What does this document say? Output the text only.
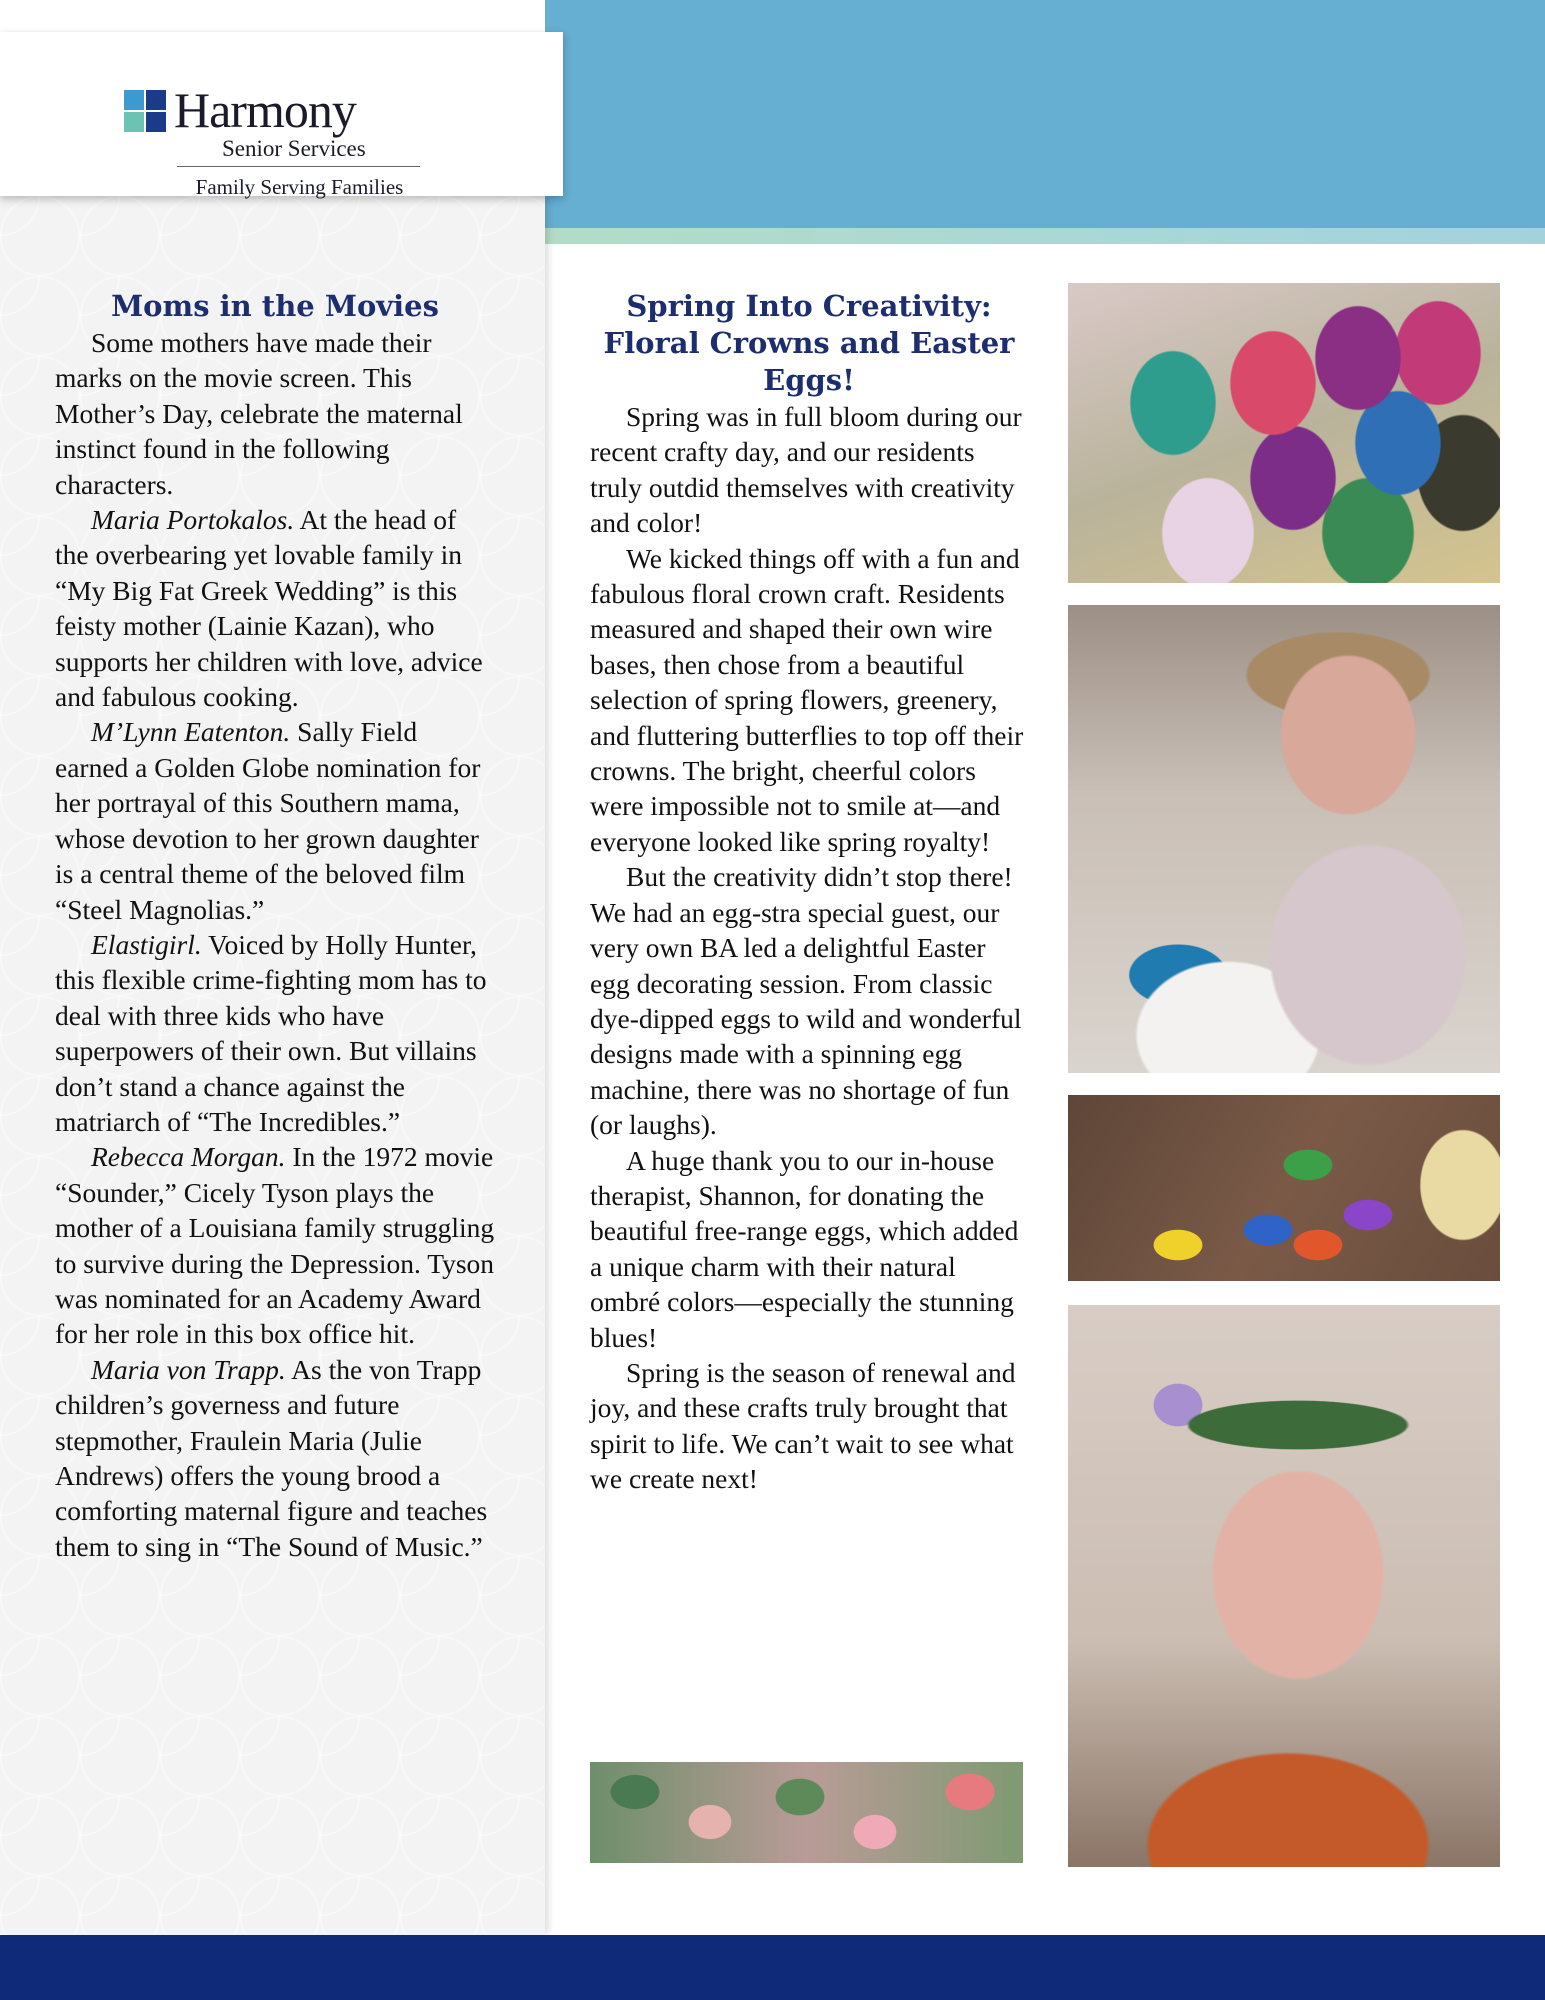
Harmony
Senior Services
Family Serving Families
Moms in the Movies

Some mothers have made their marks on the movie screen. This Mother’s Day, celebrate the maternal instinct found in the following characters.

Maria Portokalos. At the head of the overbearing yet lovable family in “My Big Fat Greek Wedding” is this feisty mother (Lainie Kazan), who supports her children with love, advice and fabulous cooking.

M’Lynn Eatenton. Sally Field earned a Golden Globe nomination for her portrayal of this Southern mama, whose devotion to her grown daughter is a central theme of the beloved film “Steel Magnolias.”

Elastigirl. Voiced by Holly Hunter, this flexible crime-fighting mom has to deal with three kids who have superpowers of their own. But villains don’t stand a chance against the matriarch of “The Incredibles.”

Rebecca Morgan. In the 1972 movie “Sounder,” Cicely Tyson plays the mother of a Louisiana family struggling to survive during the Depression. Tyson was nominated for an Academy Award for her role in this box office hit.

Maria von Trapp. As the von Trapp children’s governess and future stepmother, Fraulein Maria (Julie Andrews) offers the young brood a comforting maternal figure and teaches them to sing in “The Sound of Music.”

Spring Into Creativity: Floral Crowns and Easter Eggs!

Spring was in full bloom during our recent crafty day, and our residents truly outdid themselves with creativity and color!

We kicked things off with a fun and fabulous floral crown craft. Residents measured and shaped their own wire bases, then chose from a beautiful selection of spring flowers, greenery, and fluttering butterflies to top off their crowns. The bright, cheerful colors were impossible not to smile at—and everyone looked like spring royalty!

But the creativity didn’t stop there! We had an egg-stra special guest, our very own BA led a delightful Easter egg decorating session. From classic dye-dipped eggs to wild and wonderful designs made with a spinning egg machine, there was no shortage of fun (or laughs).

A huge thank you to our in-house therapist, Shannon, for donating the beautiful free-range eggs, which added a unique charm with their natural ombré colors—especially the stunning blues!

Spring is the season of renewal and joy, and these crafts truly brought that spirit to life. We can’t wait to see what we create next!
